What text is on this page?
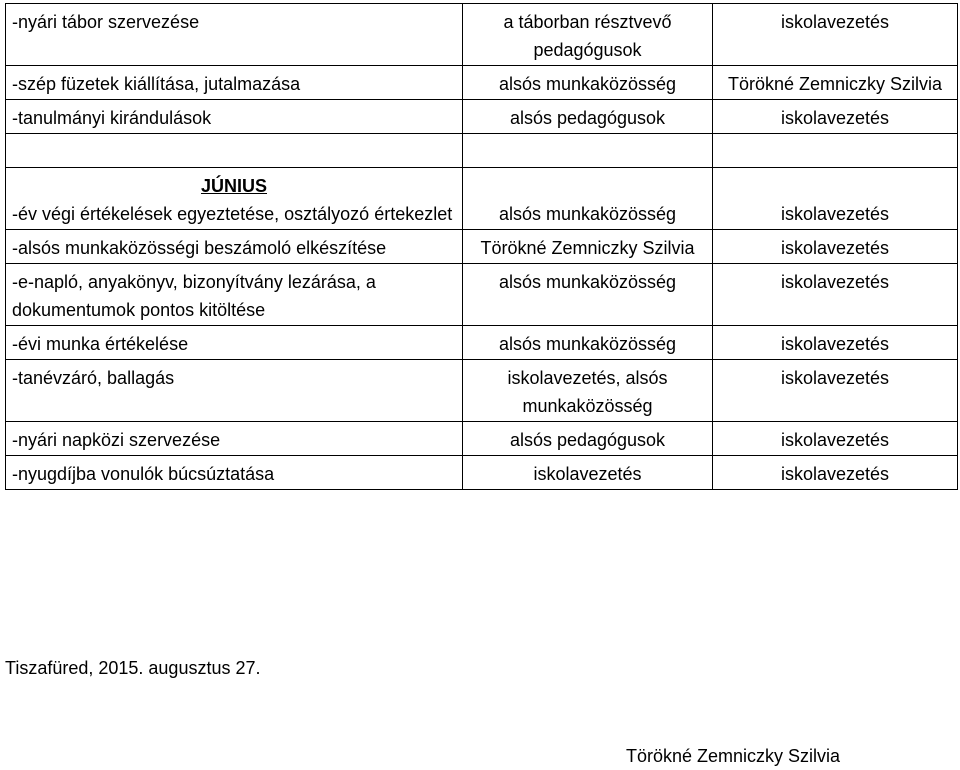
-nyári tábor szervezése	a táborban résztvevő pedagógusok	iskolavezetés
-szép füzetek kiállítása, jutalmazása	alsós munkaközösség	Törökné Zemniczky Szilvia
-tanulmányi kirándulások	alsós pedagógusok	iskolavezetés

JÚNIUS
-év végi értékelések egyeztetése, osztályozó értekezlet	alsós munkaközösség	iskolavezetés
-alsós munkaközösségi beszámoló elkészítése	Törökné Zemniczky Szilvia	iskolavezetés
-e-napló, anyakönyv, bizonyítvány lezárása, a dokumentumok pontos kitöltése	alsós munkaközösség	iskolavezetés
-évi munka értékelése	alsós munkaközösség	iskolavezetés
-tanévzáró, ballagás	iskolavezetés, alsós munkaközösség	iskolavezetés
-nyári napközi szervezése	alsós pedagógusok	iskolavezetés
-nyugdíjba vonulók búcsúztatása	iskolavezetés	iskolavezetés
Tiszafüred, 2015. augusztus 27.
Törökné Zemniczky Szilvia
